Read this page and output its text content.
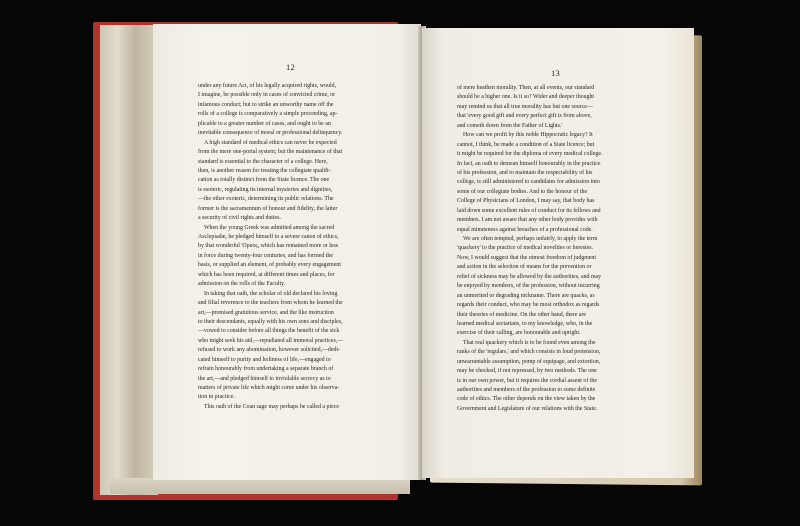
12
under any future Act, of his legally acquired rights, would,
I imagine, be possible only in cases of convicted crime, or
infamous conduct; but to strike an unworthy name off the
rolls of a college is comparatively a simple proceeding, ap-
plicable to a greater number of cases, and ought to be an
inevitable consequence of moral or professional delinquency.
A high standard of medical ethics can never be expected
from the mere one-portal system; but the maintenance of that
standard is essential to the character of a college. Here,
then, is another reason for treating the collegiate qualifi-
cation as totally distinct from the State licence. The one
is esoteric, regulating its internal mysteries and dignities,
—the other exoteric, determining its public relations. The
former is the sacramentum of honour and fidelity, the latter
a security of civil rights and duties.
When the young Greek was admitted among the sacred
Asclepiadæ, he pledged himself to a severe canon of ethics,
by that wonderful 'Ορκος, which has remained more or less
in force during twenty-four centuries, and has formed the
basis, or supplied an element, of probably every engagement
which has been required, at different times and places, for
admission on the rolls of the Faculty.
In taking that oath, the scholar of old declared his loving
and filial reverence to the teachers from whom he learned the
art,—promised gratuitous service, and the like instruction
to their descendants, equally with his own sons and disciples,
—vowed to consider before all things the benefit of the sick
who might seek his aid,—repudiated all immoral practices,—
refused to work any abomination, however solicited,—dedi-
cated himself to purity and holiness of life,—engaged to
refrain honourably from undertaking a separate branch of
the art,—and pledged himself to inviolable secrecy as to
matters of private life which might come under his observa-
tion in practice.
This oath of the Coan sage may perhaps be called a piece
13
of mere heathen morality. Then, at all events, our standard
should be a higher one. Is it so? Wider and deeper thought
may remind us that all true morality has but one source—
that 'every good gift and every perfect gift is from above,
and cometh down from the Father of Lights.'
How can we profit by this noble Hippocratic legacy? It
cannot, I think, be made a condition of a State licence; but
it might be required for the diploma of every medical college.
In fact, an oath to demean himself honourably in the practice
of his profession, and to maintain the respectability of his
college, is still administered to candidates for admission into
some of our collegiate bodies. And to the honour of the
College of Physicians of London, I may say, that body has
laid down some excellent rules of conduct for its fellows and
members. I am not aware that any other body provides with
equal minuteness against breaches of a professional code.
We are often tempted, perhaps unfairly, to apply the term
'quackery' to the practice of medical novelties or heresies.
Now, I would suggest that the utmost freedom of judgment
and action in the selection of means for the prevention or
relief of sickness may be allowed by the authorities, and may
be enjoyed by members, of the profession, without incurring
an unmerited or degrading nickname. There are quacks, as
regards their conduct, who may be most orthodox as regards
their theories of medicine. On the other hand, there are
learned medical sectarians, to my knowledge, who, in the
exercise of their calling, are honourable and upright.
That real quackery which is to be found even among the
ranks of the 'regulars,' and which consists in loud pretension,
unwarrantable assumption, pomp of equipage, and extortion,
may be checked, if not repressed, by two methods. The one
is in our own power, but it requires the cordial assent of the
authorities and members of the profession to some definite
code of ethics. The other depends on the view taken by the
Government and Legislature of our relations with the State.
